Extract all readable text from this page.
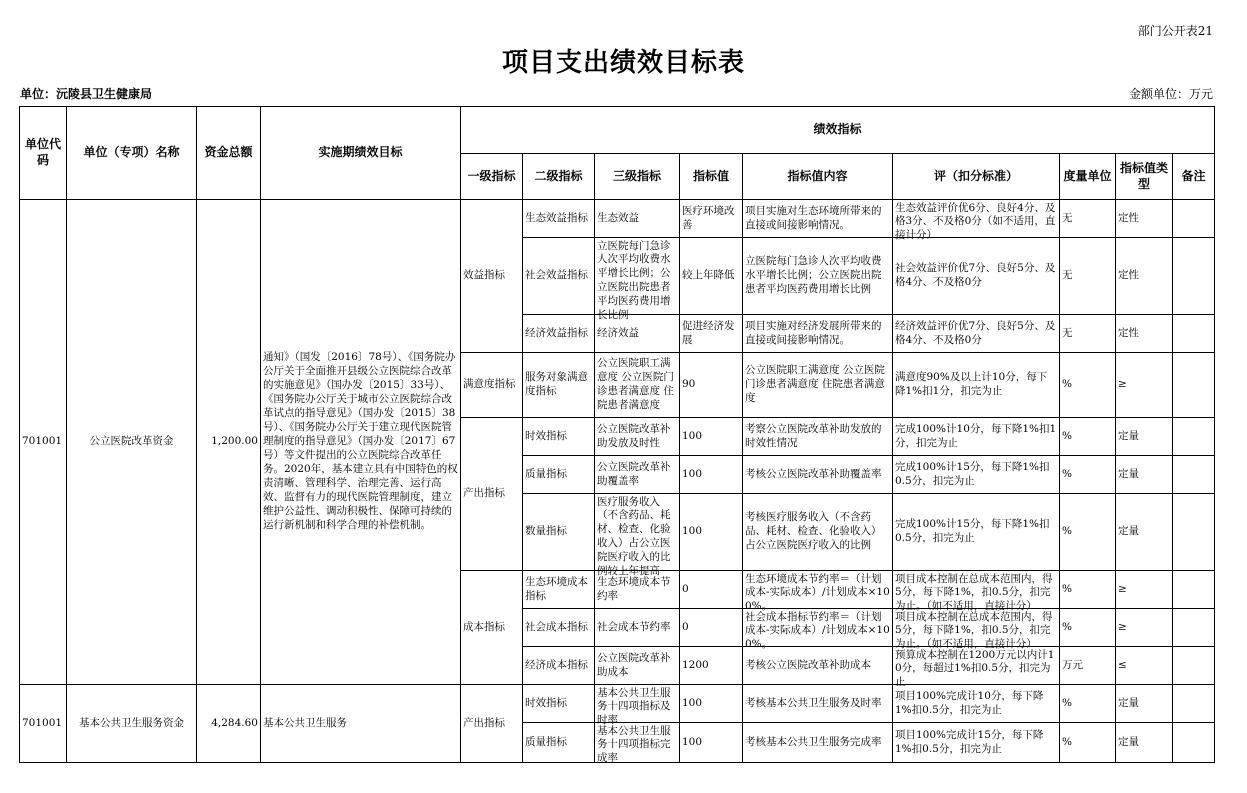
部门公开表21
项目支出绩效目标表
单位：沅陵县卫生健康局	金额单位：万元
单位代码	单位（专项）名称	资金总额	实施期绩效目标	绩效指标								
				一级指标	二级指标	三级指标	指标值	指标值内容	评（扣分标准）	度量单位	指标值类型	备注
701001	公立医院改革资金	1,200.00	通知》（国发〔2016〕78号）、《国务院办公厅关于全面推开县级公立医院综合改革的实施意见》（国办发〔2015〕33号）、《国务院办公厅关于城市公立医院综合改革试点的指导意见》（国办发〔2015〕38号）、《国务院办公厅关于建立现代医院管理制度的指导意见》（国办发〔2017〕67号）等文件提出的公立医院综合改革任务。2020年，基本建立具有中国特色的权责清晰、管理科学、治理完善、运行高效、监督有力的现代医院管理制度，建立维护公益性、调动积极性、保障可持续的运行新机制和科学合理的补偿机制。	效益指标	生态效益指标	生态效益	医疗环境改善	项目实施对生态环境所带来的直接或间接影响情况。	生态效益评价优6分、良好4分、及格3分、不及格0分（如不适用，直接计分）	无	定性	
					社会效益指标	立医院每门急诊人次平均收费水平增长比例；公立医院出院患者平均医药费用增长比例	较上年降低	立医院每门急诊人次平均收费水平增长比例；公立医院出院患者平均医药费用增长比例	社会效益评价优7分、良好5分、及格4分、不及格0分	无	定性	
					经济效益指标	经济效益	促进经济发展	项目实施对经济发展所带来的直接或间接影响情况。	经济效益评价优7分、良好5分、及格4分、不及格0分	无	定性	
				满意度指标	服务对象满意度指标	公立医院职工满意度 公立医院门诊患者满意度 住院患者满意度	90	公立医院职工满意度 公立医院门诊患者满意度 住院患者满意度	满意度90%及以上计10分，每下降1%扣1分，扣完为止	%	≥	
				产出指标	时效指标	公立医院改革补助发放及时性	100	考察公立医院改革补助发放的时效性情况	完成100%计10分，每下降1%扣1分，扣完为止	%	定量	
					质量指标	公立医院改革补助覆盖率	100	考核公立医院改革补助覆盖率	完成100%计15分，每下降1%扣0.5分，扣完为止	%	定量	
					数量指标	医疗服务收入（不含药品、耗材、检查、化验收入）占公立医院医疗收入的比例较上年提高	100	考核医疗服务收入（不含药品、耗材、检查、化验收入）占公立医院医疗收入的比例	完成100%计15分，每下降1%扣0.5分，扣完为止	%	定量	
				成本指标	生态环境成本指标	生态环境成本节约率	0	生态环境成本节约率＝（计划成本-实际成本）/计划成本×100%。	项目成本控制在总成本范围内，得5分，每下降1%，扣0.5分，扣完为止。（如不适用，直接计分）	%	≥	
					社会成本指标	社会成本节约率	0	社会成本指标节约率＝（计划成本-实际成本）/计划成本×100%。	项目成本控制在总成本范围内，得5分，每下降1%，扣0.5分，扣完为止。（如不适用，直接计分）	%	≥	
					经济成本指标	公立医院改革补助成本	1200	考核公立医院改革补助成本	预算成本控制在1200万元以内计10分，每超过1%扣0.5分，扣完为止	万元	≤	
701001	基本公共卫生服务资金	4,284.60	基本公共卫生服务	产出指标	时效指标	基本公共卫生服务十四项指标及时率	100	考核基本公共卫生服务及时率	项目100%完成计10分，每下降1%扣0.5分，扣完为止	%	定量	
					质量指标	基本公共卫生服务十四项指标完成率	100	考核基本公共卫生服务完成率	项目100%完成计15分，每下降1%扣0.5分，扣完为止	%	定量	
